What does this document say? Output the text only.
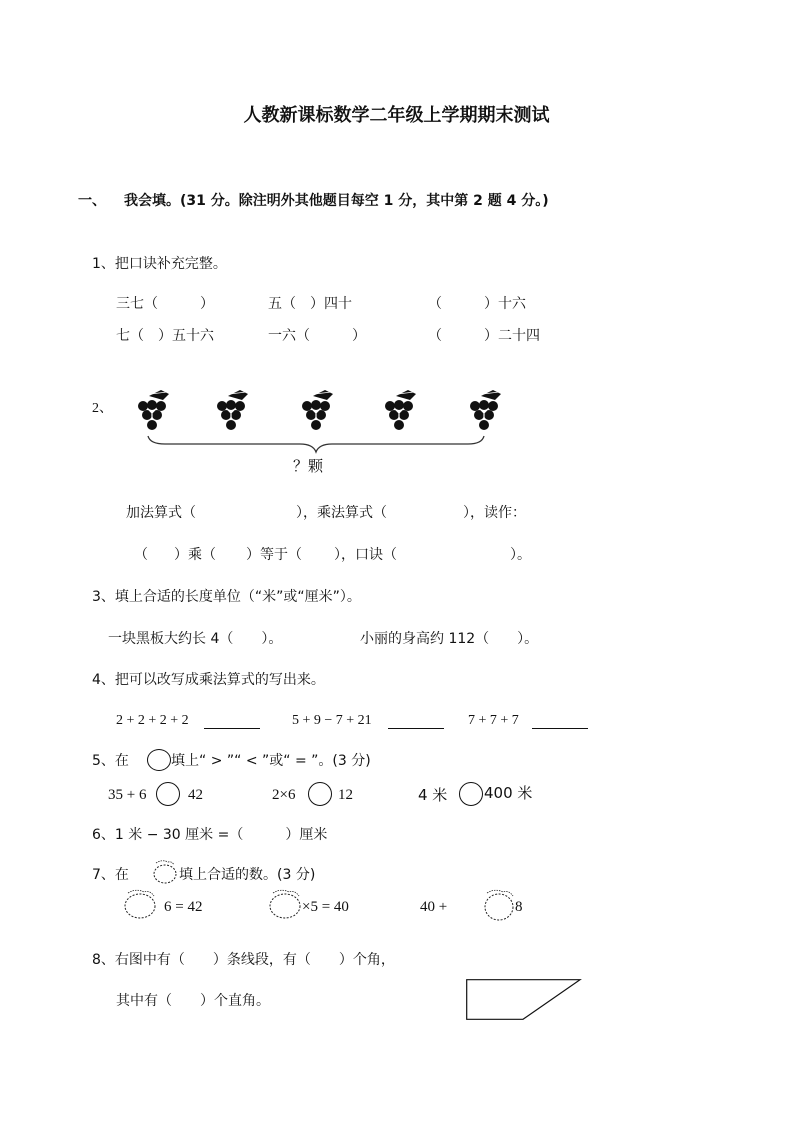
人教新课标数学二年级上学期期末测试
一、 我会填。(31 分。除注明外其他题目每空 1 分，其中第 2 题 4 分。)
1、把口诀补充完整。
三七（　　　）	五（　）四十	（　　　）十六
七（　）五十六	一六（　　　）	（　　　）二十四
2、
？颗
加法算式（	），乘法算式（	），读作：
（ ）乘（ ）等于（ ），口诀（	）。
3、填上合适的长度单位（“米”或“厘米”）。
一块黑板大约长 4（　　）。	小丽的身高约 112（　　）。
4、把可以改写成乘法算式的写出来。
2 + 2 + 2 + 2	5 + 9 − 7 + 21	7 + 7 + 7
5、在	填上“ > ”“ < ”或“ = ”。(3 分)
35 + 6	42	2×6	12	4 米 400 米
6、1 米 − 30 厘米 =（　　　）厘米
7、在	填上合适的数。(3 分)
6 = 42	×5 = 40	40 +	8
8、右图中有（　　）条线段，有（　　）个角，
其中有（　　）个直角。
